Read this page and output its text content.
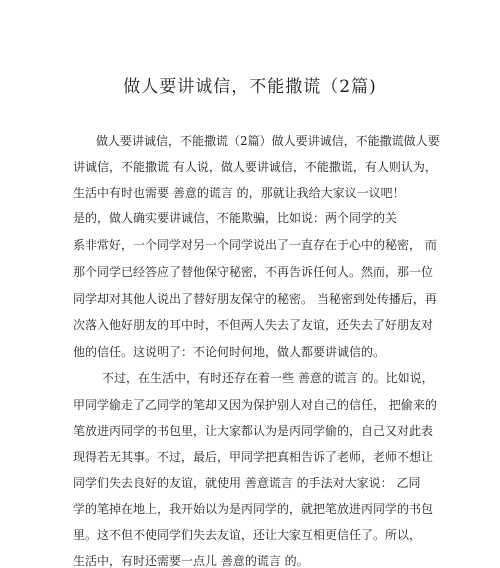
做人要讲诚信，不能撒谎（2篇)
做人要讲诚信，不能撒谎（2篇）做人要讲诚信，不能撒谎做人要
讲诚信，不能撒谎 有人说，做人要讲诚信，不能撒谎，有人则认为，
生活中有时也需要 善意的谎言 的，那就让我给大家议一议吧！
是的，做人确实要讲诚信，不能欺骗，比如说：两个同学的关
系非常好，一个同学对另一个同学说出了一直存在于心中的秘密， 而
那个同学已经答应了替他保守秘密，不再告诉任何人。然而，那一位
同学却对其他人说出了替好朋友保守的秘密。 当秘密到处传播后，再
次落入他好朋友的耳中时，不但两人失去了友谊，还失去了好朋友对
他的信任。这说明了：不论何时何地，做人都要讲诚信的。
不过，在生活中，有时还存在着一些 善意的谎言 的。比如说，
甲同学偷走了乙同学的笔却又因为保护别人对自己的信任， 把偷来的
笔放进丙同学的书包里，让大家都认为是丙同学偷的，自己又对此表
现得若无其事。不过，最后，甲同学把真相告诉了老师，老师不想让
同学们失去良好的友谊，就使用 善意谎言 的手法对大家说： 乙同
学的笔掉在地上，我开始以为是丙同学的，就把笔放进丙同学的书包
里。这不但不使同学们失去友谊，还让大家互相更信任了。所以，
生活中，有时还需要一点儿 善意的谎言 的。
